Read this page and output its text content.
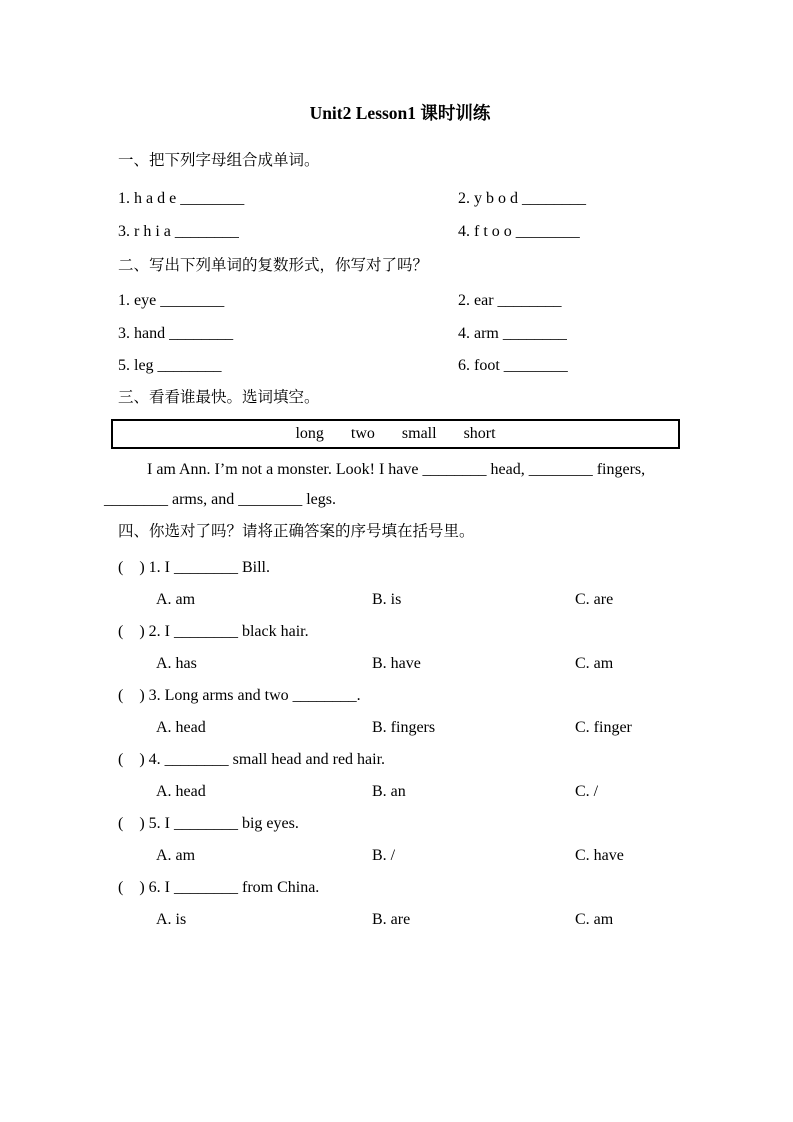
Unit2 Lesson1 课时训练
一、把下列字母组合成单词。
1. h a d e ________	2. y b o d ________
3. r h i a ________	4. f t o o ________
二、写出下列单词的复数形式，你写对了吗？
1. eye ________	2. ear ________
3. hand ________	4. arm ________
5. leg ________	6. foot ________
三、看看谁最快。选词填空。
long two small short
I am Ann. I’m not a monster. Look! I have ________ head, ________ fingers,
________ arms, and ________ legs.
四、你选对了吗？请将正确答案的序号填在括号里。
( ) 1. I ________ Bill.
A. am	B. is	C. are
( ) 2. I ________ black hair.
A. has	B. have	C. am
( ) 3. Long arms and two ________.
A. head	B. fingers	C. finger
( ) 4. ________ small head and red hair.
A. head	B. an	C. /
( ) 5. I ________ big eyes.
A. am	B. /	C. have
( ) 6. I ________ from China.
A. is	B. are	C. am
